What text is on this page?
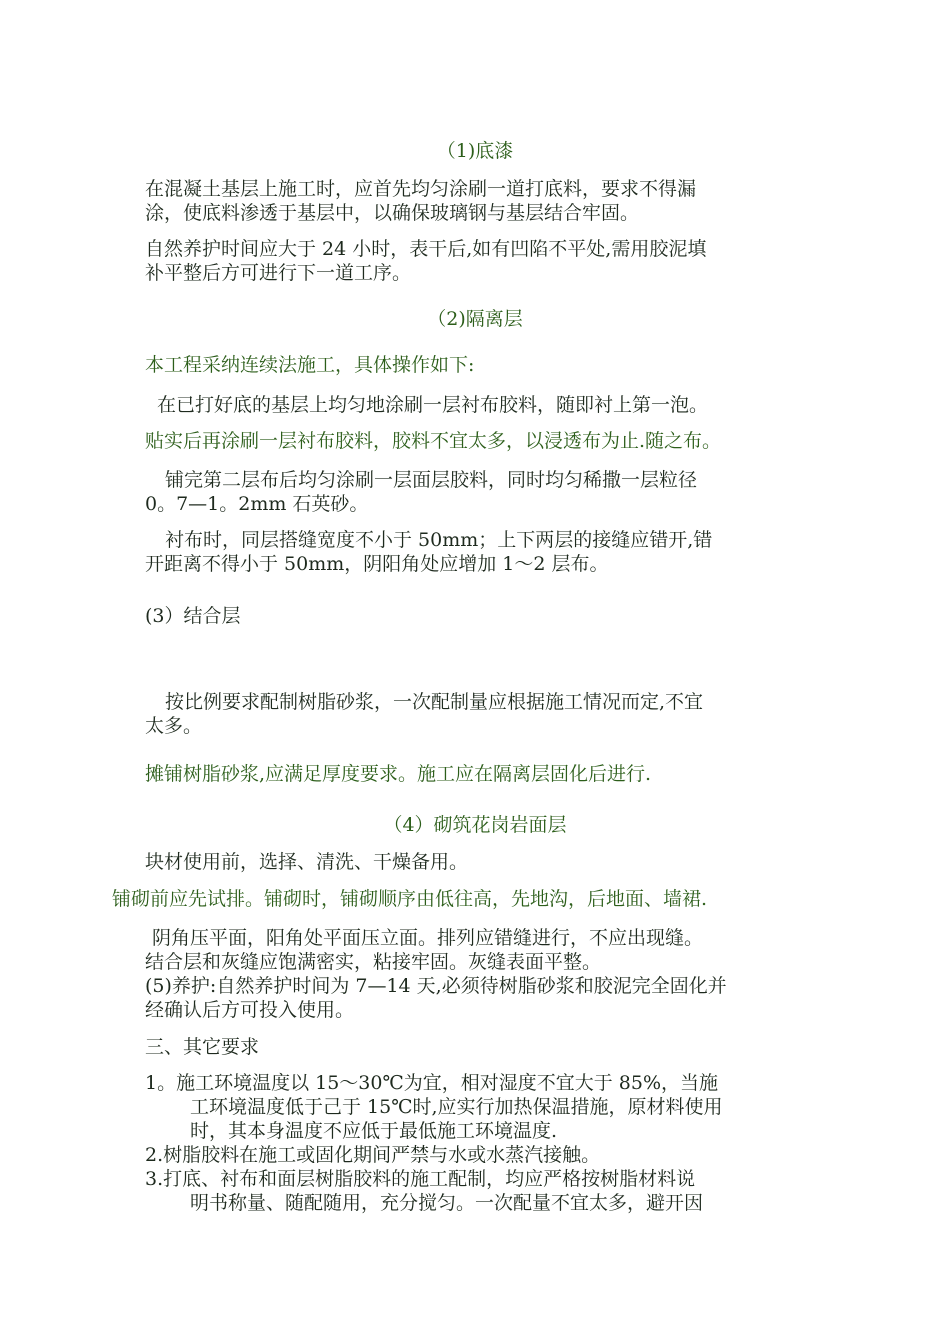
（1)底漆

在混凝土基层上施工时，应首先均匀涂刷一道打底料，要求不得漏

涂，使底料渗透于基层中，以确保玻璃钢与基层结合牢固。

自然养护时间应大于 24 小时，表干后,如有凹陷不平处,需用胶泥填

补平整后方可进行下一道工序。

（2)隔离层

本工程采纳连续法施工，具体操作如下:

在已打好底的基层上均匀地涂刷一层衬布胶料，随即衬上第一泡。

贴实后再涂刷一层衬布胶料，胶料不宜太多，以浸透布为止.随之布。

铺完第二层布后均匀涂刷一层面层胶料，同时均匀稀撒一层粒径

0。7—1。2mm 石英砂。

衬布时，同层搭缝宽度不小于 50mm；上下两层的接缝应错开,错

开距离不得小于 50mm，阴阳角处应增加 1～2 层布。

(3）结合层

按比例要求配制树脂砂浆，一次配制量应根据施工情况而定,不宜

太多。

摊铺树脂砂浆,应满足厚度要求。施工应在隔离层固化后进行.

（4）砌筑花岗岩面层

块材使用前，选择、清洗、干燥备用。

铺砌前应先试排。铺砌时，铺砌顺序由低往高，先地沟，后地面、墙裙.

阴角压平面，阳角处平面压立面。排列应错缝进行，不应出现缝。

结合层和灰缝应饱满密实，粘接牢固。灰缝表面平整。

(5)养护:自然养护时间为 7—14 天,必须待树脂砂浆和胶泥完全固化并

经确认后方可投入使用。

三、其它要求

1。施工环境温度以 15～30℃为宜，相对湿度不宜大于 85%，当施

工环境温度低于己于 15℃时,应实行加热保温措施，原材料使用

时，其本身温度不应低于最低施工环境温度.

2.树脂胶料在施工或固化期间严禁与水或水蒸汽接触。

3.打底、衬布和面层树脂胶料的施工配制，均应严格按树脂材料说

明书称量、随配随用，充分搅匀。一次配量不宜太多，避开因
